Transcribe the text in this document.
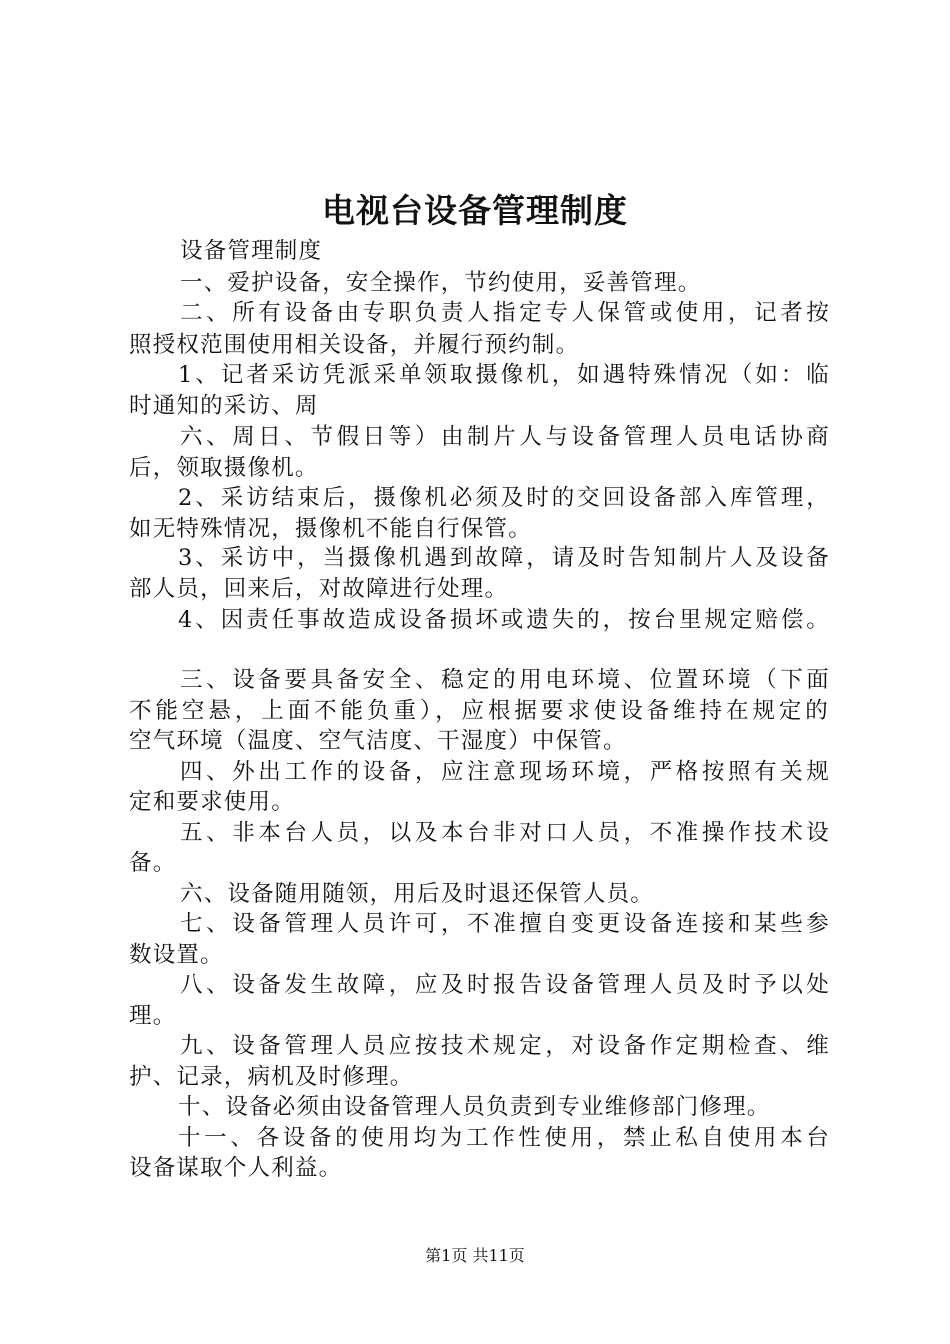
电视台设备管理制度
设备管理制度
一、爱护设备，安全操作，节约使用，妥善管理。
二、所有设备由专职负责人指定专人保管或使用，记者按
照授权范围使用相关设备，并履行预约制。
1、记者采访凭派采单领取摄像机，如遇特殊情况（如：临
时通知的采访、周
六、周日、节假日等）由制片人与设备管理人员电话协商
后，领取摄像机。
2、采访结束后，摄像机必须及时的交回设备部入库管理，
如无特殊情况，摄像机不能自行保管。
3、采访中，当摄像机遇到故障，请及时告知制片人及设备
部人员，回来后，对故障进行处理。
4、因责任事故造成设备损坏或遗失的，按台里规定赔偿。
三、设备要具备安全、稳定的用电环境、位置环境（下面
不能空悬，上面不能负重），应根据要求使设备维持在规定的
空气环境（温度、空气洁度、干湿度）中保管。
四、外出工作的设备，应注意现场环境，严格按照有关规
定和要求使用。
五、非本台人员，以及本台非对口人员，不准操作技术设
备。
六、设备随用随领，用后及时退还保管人员。
七、设备管理人员许可，不准擅自变更设备连接和某些参
数设置。
八、设备发生故障，应及时报告设备管理人员及时予以处
理。
九、设备管理人员应按技术规定，对设备作定期检查、维
护、记录，病机及时修理。
十、设备必须由设备管理人员负责到专业维修部门修理。
十一、各设备的使用均为工作性使用，禁止私自使用本台
设备谋取个人利益。
第1页 共11页
